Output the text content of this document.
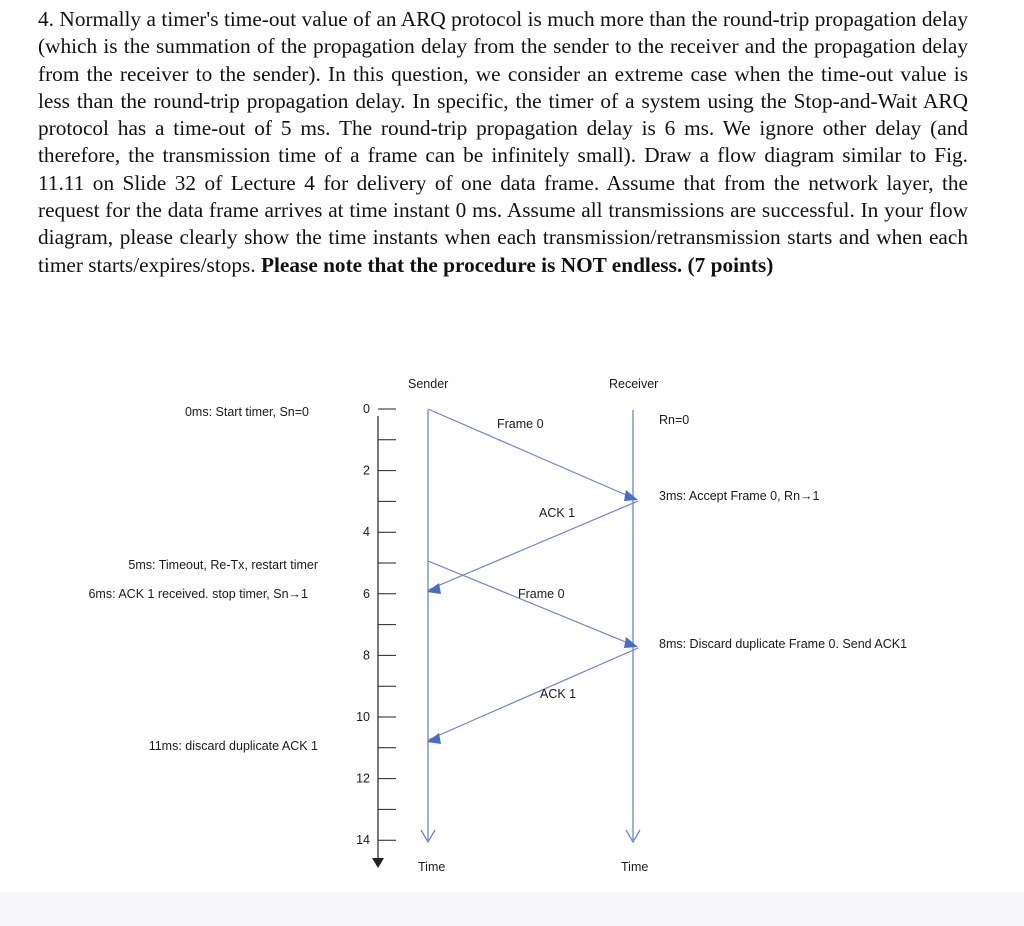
4. Normally a timer's time-out value of an ARQ protocol is much more than the round-trip propagation delay (which is the summation of the propagation delay from the sender to the receiver and the propagation delay from the receiver to the sender). In this question, we consider an extreme case when the time-out value is less than the round-trip propagation delay. In specific, the timer of a system using the Stop-and-Wait ARQ protocol has a time-out of 5 ms. The round-trip propagation delay is 6 ms. We ignore other delay (and therefore, the transmission time of a frame can be infinitely small). Draw a flow diagram similar to Fig. 11.11 on Slide 32 of Lecture 4 for delivery of one data frame. Assume that from the network layer, the request for the data frame arrives at time instant 0 ms. Assume all transmissions are successful. In your flow diagram, please clearly show the time instants when each transmission/retransmission starts and when each timer starts/expires/stops. Please note that the procedure is NOT endless. (7 points)

Sender	Receiver
0
2
4
6
8
10
12
14
Frame 0
ACK 1
Frame 0
ACK 1
0ms: Start timer, Sn=0
5ms: Timeout, Re-Tx, restart timer
6ms: ACK 1 received. stop timer, Sn→1
11ms: discard duplicate ACK 1
Rn=0
3ms: Accept Frame 0, Rn→1
8ms: Discard duplicate Frame 0. Send ACK1
Time	Time
